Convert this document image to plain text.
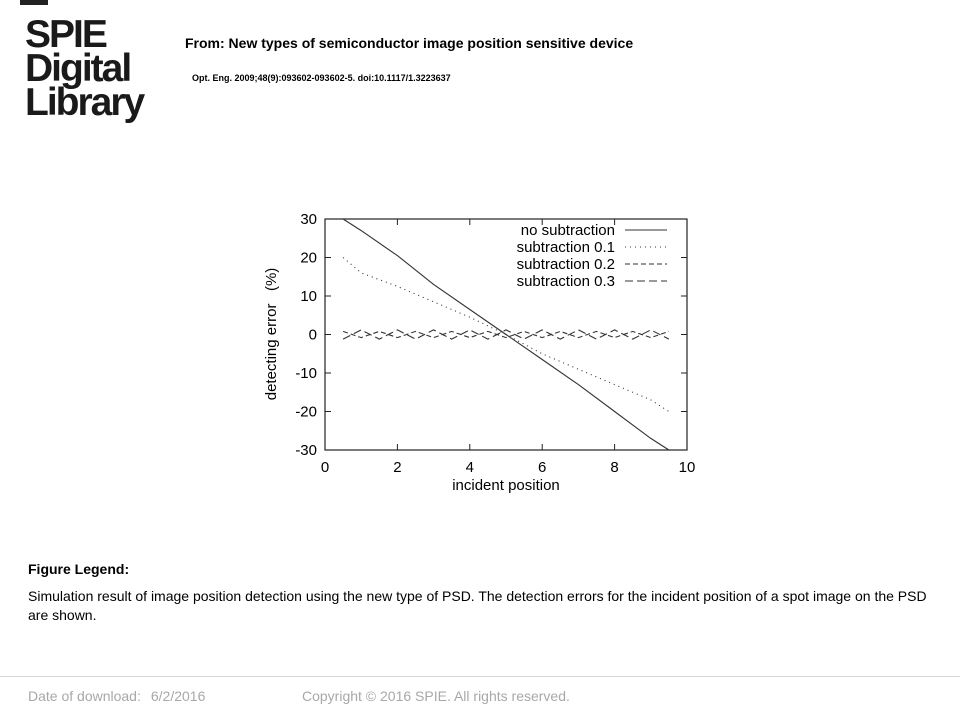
SPIE
Digital
Library
From: New types of semiconductor image position sensitive device
Opt. Eng. 2009;48(9):093602-093602-5. doi:10.1117/1.3223637
30
20
10
0
-10
-20
-30
0	2	4	6	8	10
no subtraction
subtraction 0.1
subtraction 0.2
subtraction 0.3
incident position
detecting error   (%)
Figure Legend:
Simulation result of image position detection using the new type of PSD. The detection errors for the incident position of a spot image on the PSD are shown.
Date of download: 6/2/2016	Copyright © 2016 SPIE. All rights reserved.
